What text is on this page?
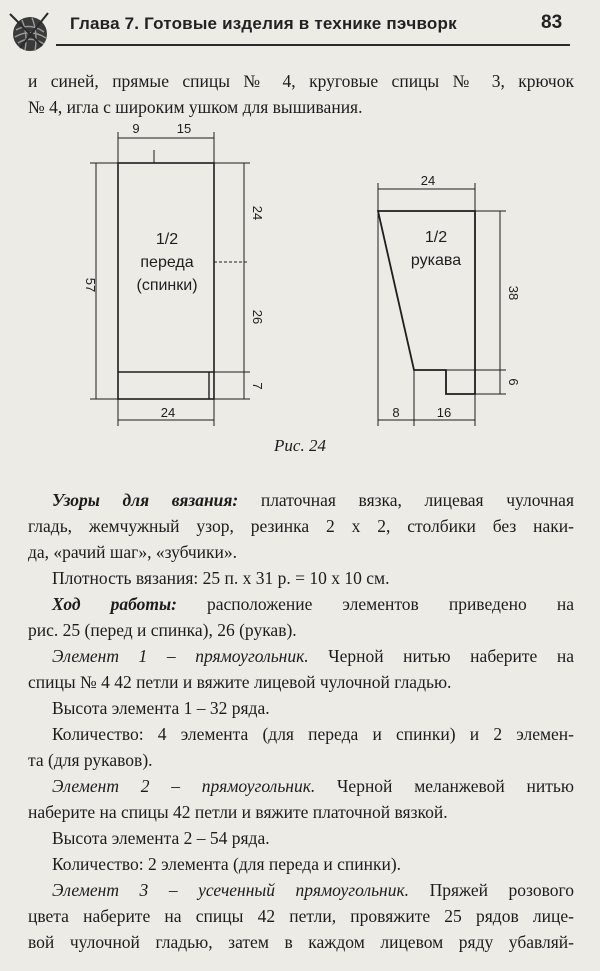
Глава 7. Готовые изделия в технике пэчворк	83
и синей, прямые спицы № 4, круговые спицы № 3, крючок
№ 4, игла с широким ушком для вышивания.
1/2
переда
(спинки)
9	15
57
24
26
7
24
1/2
рукава
24
38
6
8	16
Рис. 24
Узоры для вязания: платочная вязка, лицевая чулочная
гладь, жемчужный узор, резинка 2 х 2, столбики без наки-
да, «рачий шаг», «зубчики».
Плотность вязания: 25 п. х 31 р. = 10 х 10 см.
Ход работы: расположение элементов приведено на
рис. 25 (перед и спинка), 26 (рукав).
Элемент 1 – прямоугольник. Черной нитью наберите на
спицы № 4 42 петли и вяжите лицевой чулочной гладью.
Высота элемента 1 – 32 ряда.
Количество: 4 элемента (для переда и спинки) и 2 элемен-
та (для рукавов).
Элемент 2 – прямоугольник. Черной меланжевой нитью
наберите на спицы 42 петли и вяжите платочной вязкой.
Высота элемента 2 – 54 ряда.
Количество: 2 элемента (для переда и спинки).
Элемент 3 – усеченный прямоугольник. Пряжей розового
цвета наберите на спицы 42 петли, провяжите 25 рядов лице-
вой чулочной гладью, затем в каждом лицевом ряду убавляй-
